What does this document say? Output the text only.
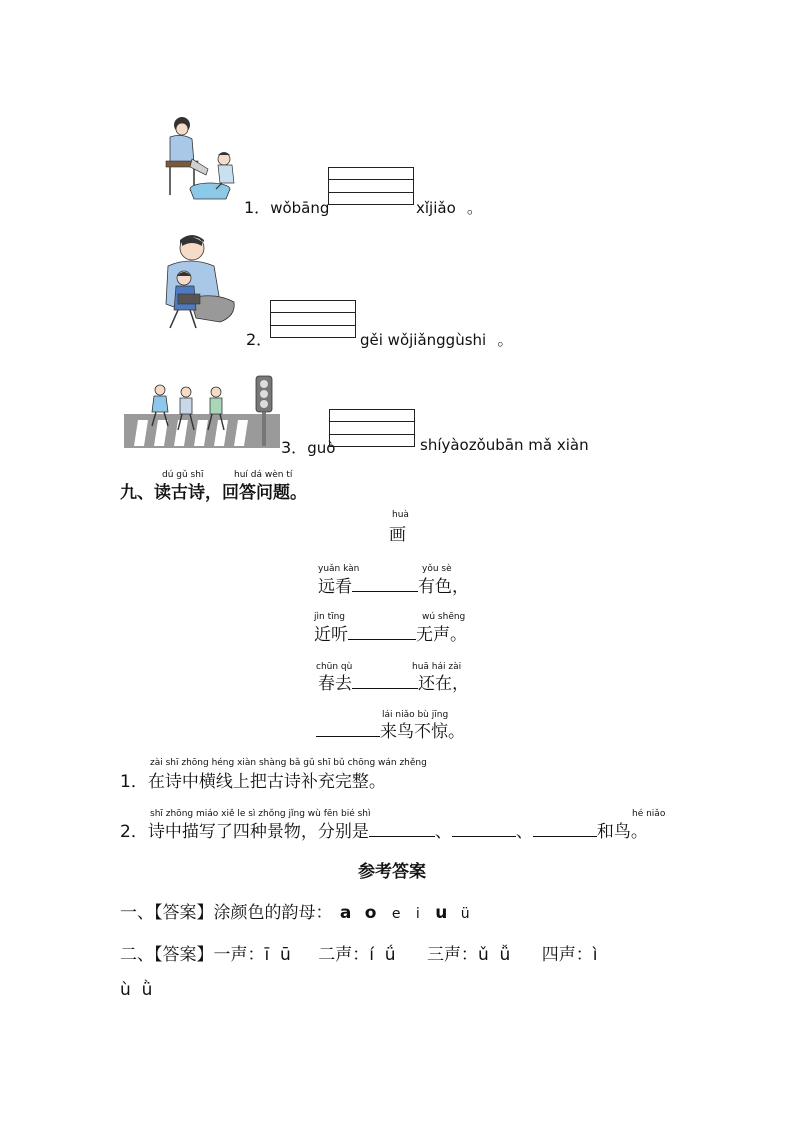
1．wǒbāng	xǐjiǎo 。
2．	gěi wǒjiǎnggùshi 。
3．guò	shíyàozǒubān mǎ xiàn
dú gǔ shī	huí dá wèn tí
九、读古诗，回答问题。
huà
画
yuǎn kàn	yǒu sè
远看	有色，
jìn tīng	wú shēng
近听	无声。
chūn qù	huā hái zài
春去	还在，
lái niǎo bù jīng
来鸟不惊。
zài shī zhōng héng xiàn shàng bǎ gǔ shī bǔ chōng wán zhěng
1．在诗中横线上把古诗补充完整。
shī zhōng miáo xiě le sì zhǒng jǐng wù fēn bié shì	hé niǎo
2．诗中描写了四种景物，分别是	、	、	和鸟。
参考答案
一、【答案】涂颜色的韵母： a o e i u ü
二、【答案】一声：ī  ū 二声：í  ǘ 三声：ǔ  ǚ 四声：ì
ù  ǜ
